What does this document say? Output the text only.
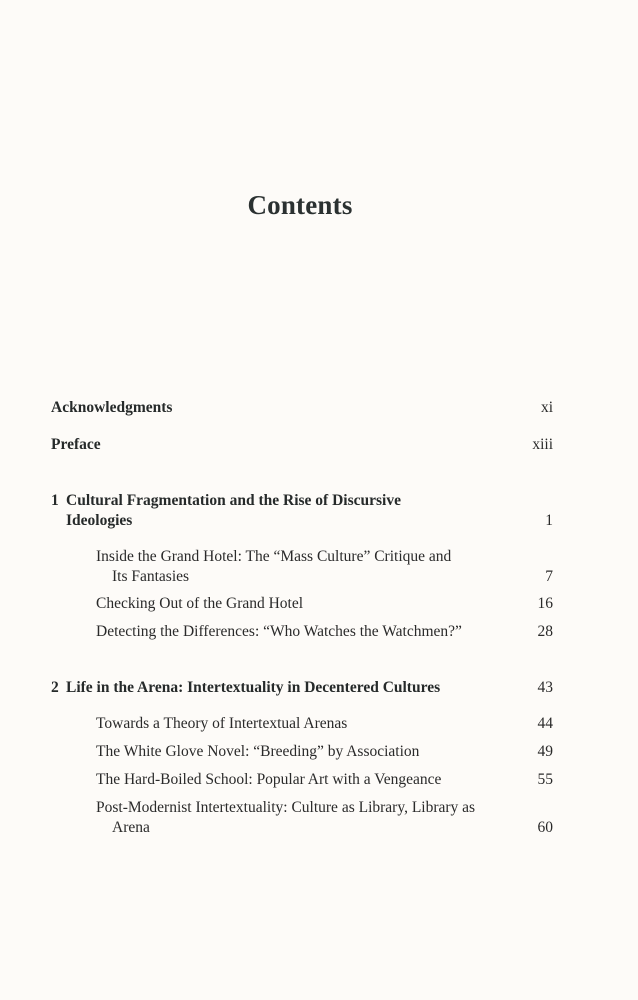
Contents
Acknowledgments	xi
Preface	xiii
1 Cultural Fragmentation and the Rise of Discursive
Ideologies	1
Inside the Grand Hotel: The “Mass Culture” Critique and
Its Fantasies	7
Checking Out of the Grand Hotel	16
Detecting the Differences: “Who Watches the Watchmen?”	28
2 Life in the Arena: Intertextuality in Decentered Cultures	43
Towards a Theory of Intertextual Arenas	44
The White Glove Novel: “Breeding” by Association	49
The Hard-Boiled School: Popular Art with a Vengeance	55
Post-Modernist Intertextuality: Culture as Library, Library as
Arena	60
